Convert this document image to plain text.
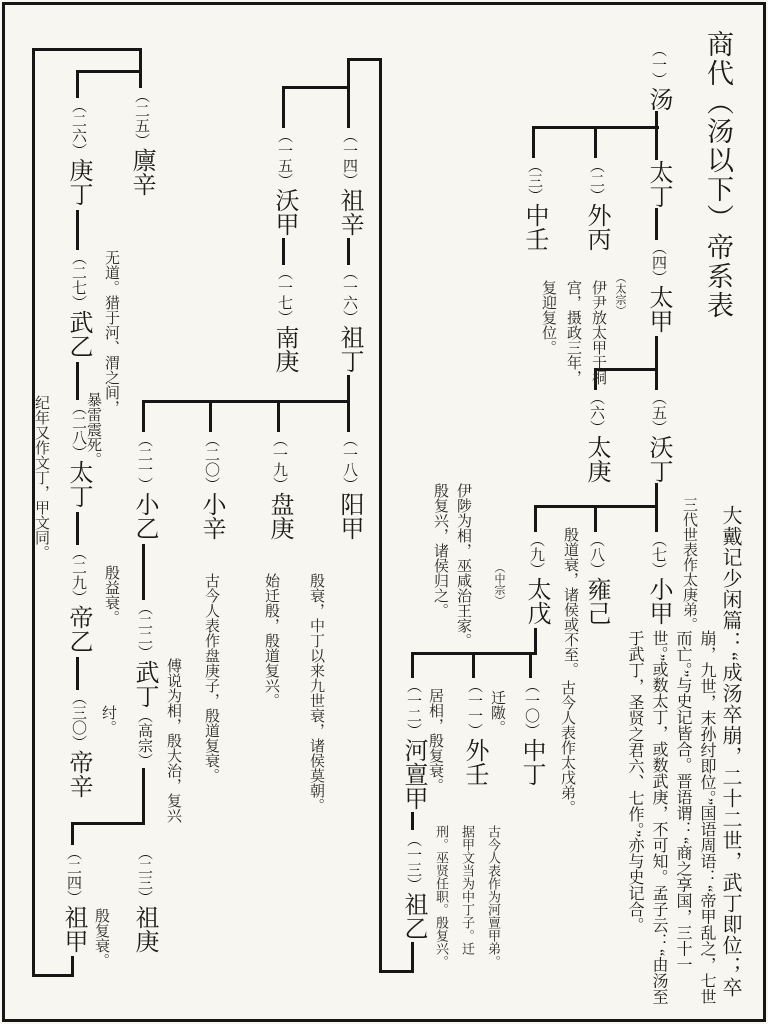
商代（汤以下）帝系表
大戴记少闲篇：“成汤卒崩，二十二世，武丁即位；卒
崩，九世，末孙纣即位。”国语周语：“帝甲乱之，七世而亡。”与史记皆合。晋语谓：“商之享国，三十一世。”或数太丁，或数武庚，不可知。孟子云：“由汤至于武丁，圣贤之君六、七作。”亦与史记合。
（一）汤
太丁
（二）外丙
（三）中壬
（四）太甲
（太宗）
（五）沃丁
（六）太庚
（七）小甲
（八）雍己
（九）太戊
（中宗）
（一〇）中丁
（一一）外壬
（一二）河亶甲
（一三）祖乙
（一四）祖辛
（一六）祖丁
（一五）沃甲
（一七）南庚
（一八）阳甲
（一九）盘庚
（二〇）小辛
（二一）小乙
（二二）武丁（高宗）
（二三）祖庚
（二四）祖甲
（二五）廪辛
（二六）庚丁
（二七）武乙
（二八）太丁
（二九）帝乙
（三〇）帝辛
三代世表作太庚弟。
殷道衰，诸侯或不至。
伊尹放太甲于桐宫，摄政三年，复迎复位。
伊陟为相，巫咸治王家。殷复兴，诸侯归之。
古今人表作太戊弟。
迁隞。
居相，殷复衰。
古今人表作为河亶甲弟。据甲文当为中丁子。迁刑。巫贤任职。殷复兴。
殷衰，中丁以来九世衰，诸侯莫朝。
始迁殷，殷道复兴。
古今人表作盘庚子，殷道复衰。
傅说为相，殷大治，复兴
殷复衰。
无道。猎于河、渭之间，
暴雷震死。
纪年又作文丁，甲文同。
殷益衰。
纣。
